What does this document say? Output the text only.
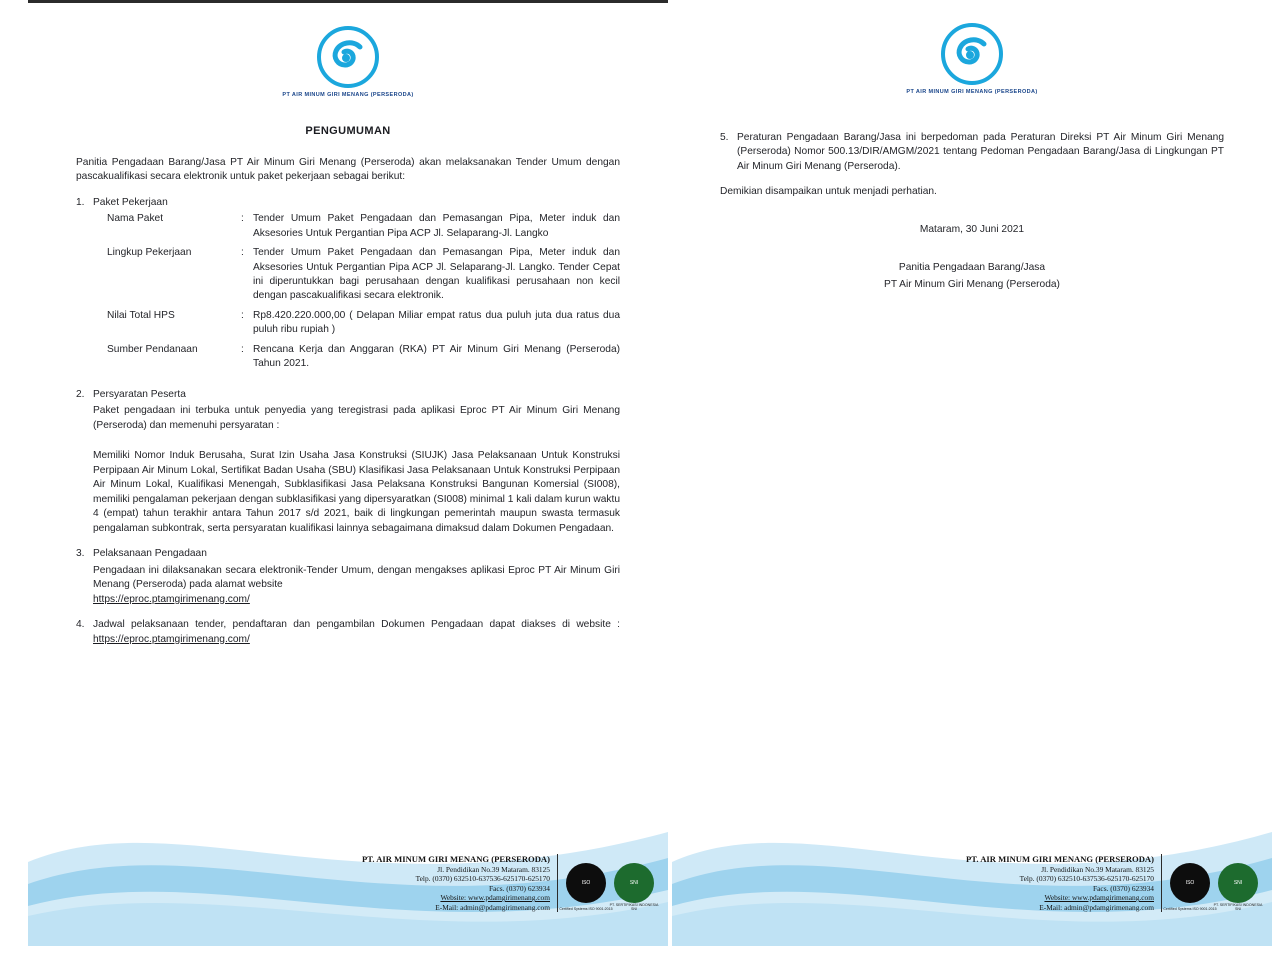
PT AIR MINUM GIRI MENANG (PERSERODA)
PENGUMUMAN

Panitia Pengadaan Barang/Jasa PT Air Minum Giri Menang (Perseroda) akan melaksanakan Tender Umum dengan pascakualifikasi secara elektronik untuk paket pekerjaan sebagai berikut:

1. Paket Pekerjaan
Nama Paket	:	Tender Umum Paket Pengadaan dan Pemasangan Pipa, Meter induk dan Aksesories Untuk Pergantian Pipa ACP Jl. Selaparang-Jl. Langko
Lingkup Pekerjaan	:	Tender Umum Paket Pengadaan dan Pemasangan Pipa, Meter induk dan Aksesories Untuk Pergantian Pipa ACP Jl. Selaparang-Jl. Langko. Tender Cepat ini diperuntukkan bagi perusahaan dengan kualifikasi perusahaan non kecil dengan pascakualifikasi secara elektronik.
Nilai Total HPS	:	Rp8.420.220.000,00 ( Delapan Miliar empat ratus dua puluh juta dua ratus dua puluh ribu rupiah )
Sumber Pendanaan	:	Rencana Kerja dan Anggaran (RKA) PT Air Minum Giri Menang (Perseroda) Tahun 2021.
2. Persyaratan Peserta

Paket pengadaan ini terbuka untuk penyedia yang teregistrasi pada aplikasi Eproc PT Air Minum Giri Menang (Perseroda) dan memenuhi persyaratan :

Memiliki Nomor Induk Berusaha, Surat Izin Usaha Jasa Konstruksi (SIUJK) Jasa Pelaksanaan Untuk Konstruksi Perpipaan Air Minum Lokal, Sertifikat Badan Usaha (SBU) Klasifikasi Jasa Pelaksanaan Untuk Konstruksi Perpipaan Air Minum Lokal, Kualifikasi Menengah, Subklasifikasi Jasa Pelaksana Konstruksi Bangunan Komersial (SI008), memiliki pengalaman pekerjaan dengan subklasifikasi yang dipersyaratkan (SI008) minimal 1 kali dalam kurun waktu 4 (empat) tahun terakhir antara Tahun 2017 s/d 2021, baik di lingkungan pemerintah maupun swasta termasuk pengalaman subkontrak, serta persyaratan kualifikasi lainnya sebagaimana dimaksud dalam Dokumen Pengadaan.

3. Pelaksanaan Pengadaan

Pengadaan ini dilaksanakan secara elektronik-Tender Umum, dengan mengakses aplikasi Eproc PT Air Minum Giri Menang (Perseroda) pada alamat website
https://eproc.ptamgirimenang.com/

4. Jadwal pelaksanaan tender, pendaftaran dan pengambilan Dokumen Pengadaan dapat diakses di website : https://eproc.ptamgirimenang.com/
PT. AIR MINUM GIRI MENANG (PERSERODA)
Jl. Pendidikan No.39 Mataram. 83125
Telp. (0370) 632510-637536-625170-625170
Facs. (0370) 623934
Website: www.pdamgirimenang.com
E-Mail: admin@pdamgirimenang.com
ISO
Certified Systems ISO 9001:2015
SNI
PT. SERTIFIKASI INDONESIA SNI
PT AIR MINUM GIRI MENANG (PERSERODA)
5. Peraturan Pengadaan Barang/Jasa ini berpedoman pada Peraturan Direksi PT Air Minum Giri Menang (Perseroda) Nomor 500.13/DIR/AMGM/2021 tentang Pedoman Pengadaan Barang/Jasa di Lingkungan PT Air Minum Giri Menang (Perseroda).

Demikian disampaikan untuk menjadi perhatian.

Mataram, 30 Juni 2021
Panitia Pengadaan Barang/Jasa
PT Air Minum Giri Menang (Perseroda)
PT. AIR MINUM GIRI MENANG (PERSERODA)
Jl. Pendidikan No.39 Mataram. 83125
Telp. (0370) 632510-637536-625170-625170
Facs. (0370) 623934
Website: www.pdamgirimenang.com
E-Mail: admin@pdamgirimenang.com
ISO
Certified Systems ISO 9001:2015
SNI
PT. SERTIFIKASI INDONESIA SNI
